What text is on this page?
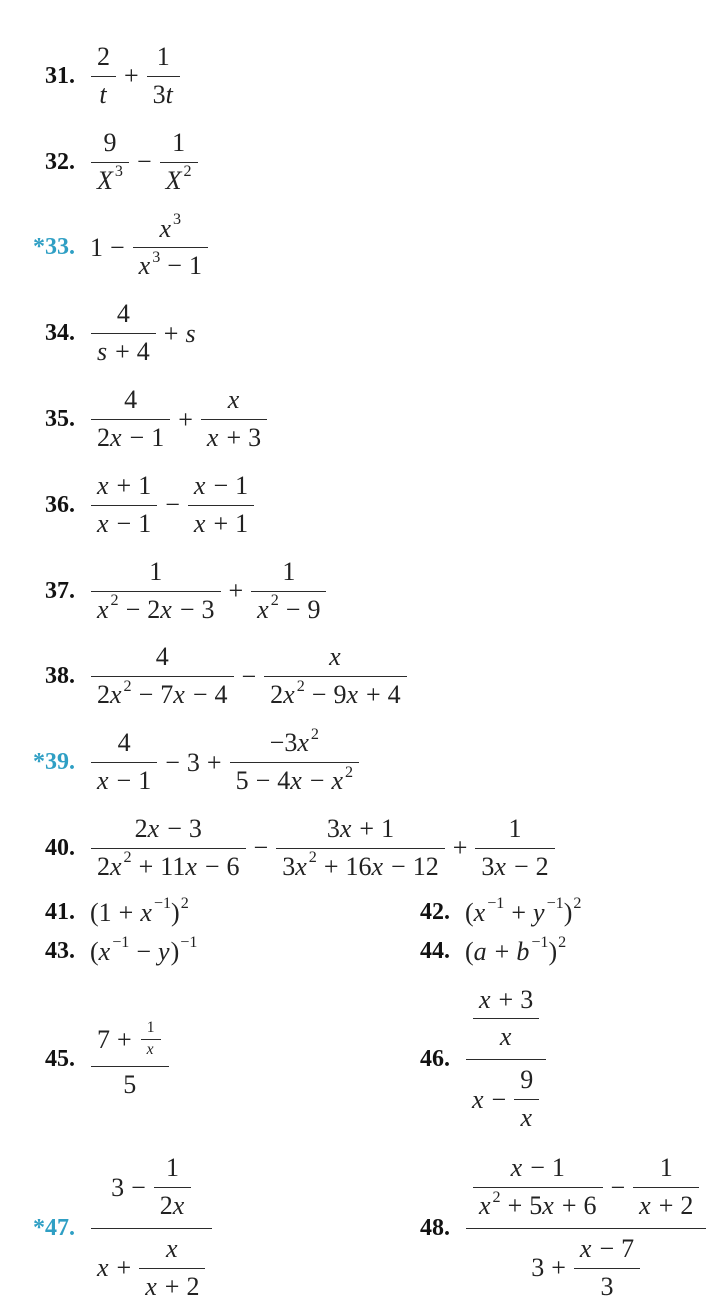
31. $\frac{2}{t} + \frac{1}{3 t}$
32. $\frac{9}{X 3} - \frac{1}{X 2}$
*33. $1 - \frac{x 3}{x 3 - 1}$
34. $\frac{4}{s + 4} + s$
35. $\frac{4}{2 x - 1} + \frac{x}{x + 3}$
36. $\frac{x + 1}{x - 1} - \frac{x - 1}{x + 1}$
37. $\frac{1}{x 2 - 2 x - 3} + \frac{1}{x 2 - 9}$
38. $\frac{4}{2 x 2 - 7 x - 4} - \frac{x}{2 x 2 - 9 x + 4}$
*39. $\frac{4}{x - 1} - 3 + \frac{-3 x 2}{5 - 4 x - x 2}$
40. $\frac{2 x - 3}{2 x 2 + 11 x - 6} - \frac{3 x + 1}{3 x 2 + 16 x - 12} + \frac{1}{3 x - 2}$
41. (1 + x −1 ) 2	42. ( x −1 + y −1 ) 2
43. ( x −1 − y ) −1	44. ( a + b −1 ) 2
45. $\frac{7 + \frac{1}{x}}{5}$	46. $\frac{\frac{x + 3}{x}}{x - \frac{9}{x}}$
*47. $\frac{3 - \frac{1}{2 x}}{x + \frac{x}{x + 2}}$	48. $\frac{\frac{x - 1}{x 2 + 5 x + 6} - \frac{1}{x + 2}}{3 + \frac{x - 7}{3}}$
